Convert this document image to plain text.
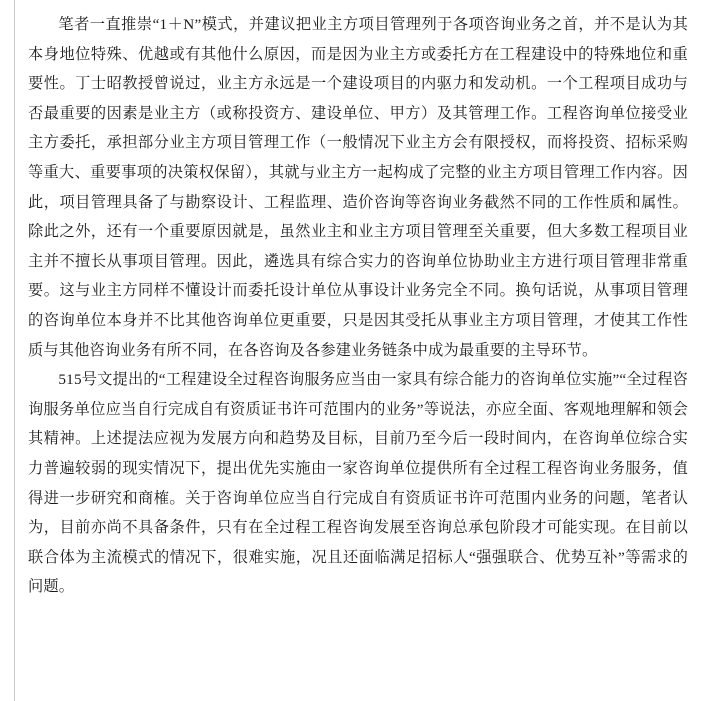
笔者一直推崇“1＋N”模式，并建议把业主方项目管理列于各项咨询业务之首，并不是认为其本身地位特殊、优越或有其他什么原因，而是因为业主方或委托方在工程建设中的特殊地位和重要性。丁士昭教授曾说过，业主方永远是一个建设项目的内驱力和发动机。一个工程项目成功与否最重要的因素是业主方（或称投资方、建设单位、甲方）及其管理工作。工程咨询单位接受业主方委托，承担部分业主方项目管理工作（一般情况下业主方会有限授权，而将投资、招标采购等重大、重要事项的决策权保留），其就与业主方一起构成了完整的业主方项目管理工作内容。因此，项目管理具备了与勘察设计、工程监理、造价咨询等咨询业务截然不同的工作性质和属性。除此之外，还有一个重要原因就是，虽然业主和业主方项目管理至关重要，但大多数工程项目业主并不擅长从事项目管理。因此，遴选具有综合实力的咨询单位协助业主方进行项目管理非常重要。这与业主方同样不懂设计而委托设计单位从事设计业务完全不同。换句话说，从事项目管理的咨询单位本身并不比其他咨询单位更重要，只是因其受托从事业主方项目管理，才使其工作性质与其他咨询业务有所不同，在各咨询及各参建业务链条中成为最重要的主导环节。

515号文提出的“工程建设全过程咨询服务应当由一家具有综合能力的咨询单位实施”“全过程咨询服务单位应当自行完成自有资质证书许可范围内的业务”等说法，亦应全面、客观地理解和领会其精神。上述提法应视为发展方向和趋势及目标，目前乃至今后一段时间内，在咨询单位综合实力普遍较弱的现实情况下，提出优先实施由一家咨询单位提供所有全过程工程咨询业务服务，值得进一步研究和商榷。关于咨询单位应当自行完成自有资质证书许可范围内业务的问题，笔者认为，目前亦尚不具备条件，只有在全过程工程咨询发展至咨询总承包阶段才可能实现。在目前以联合体为主流模式的情况下，很难实施，况且还面临满足招标人“强强联合、优势互补”等需求的问题。
